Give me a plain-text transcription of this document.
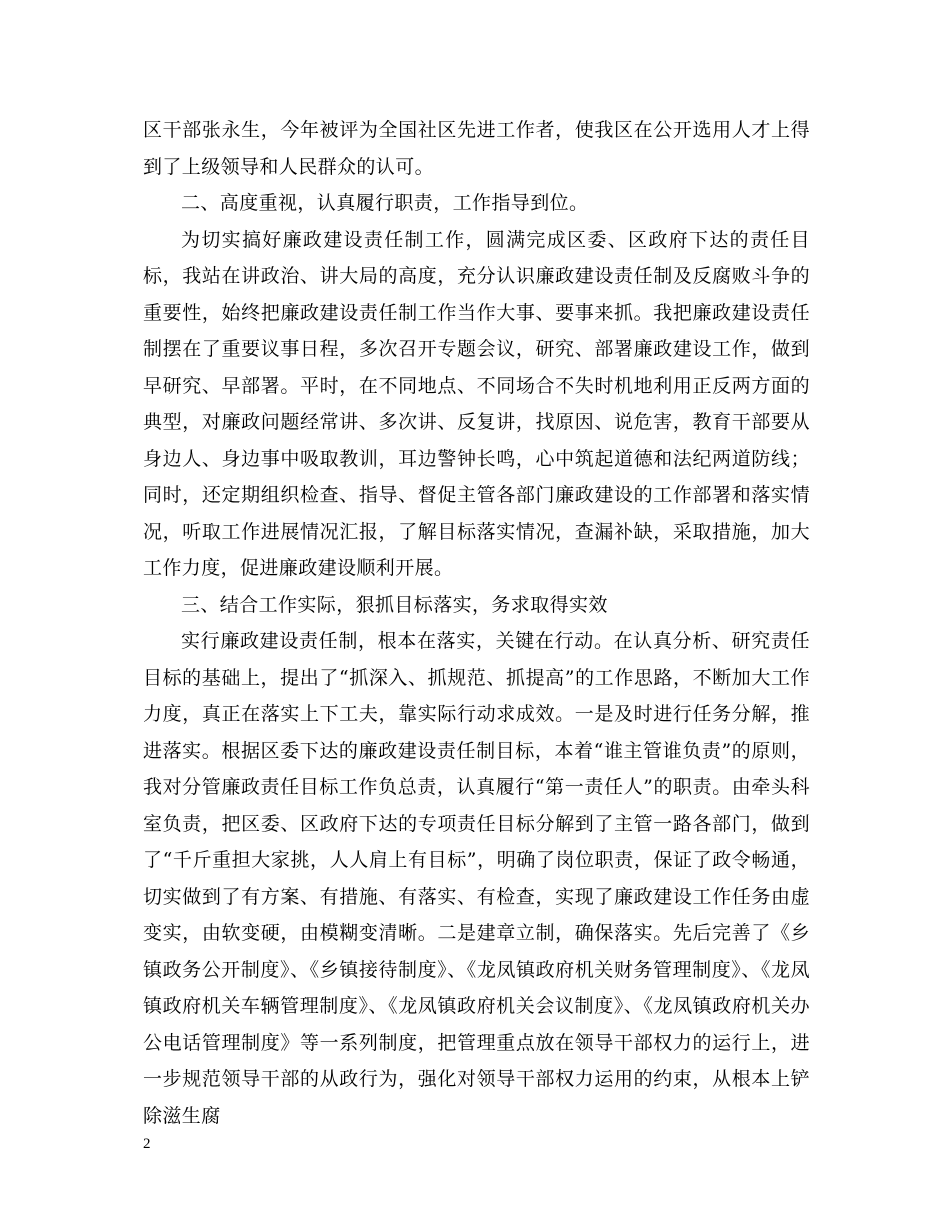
区干部张永生，今年被评为全国社区先进工作者，使我区在公开选用人才上得到了上级领导和人民群众的认可。

二、高度重视，认真履行职责，工作指导到位。

为切实搞好廉政建设责任制工作，圆满完成区委、区政府下达的责任目标，我站在讲政治、讲大局的高度，充分认识廉政建设责任制及反腐败斗争的重要性，始终把廉政建设责任制工作当作大事、要事来抓。我把廉政建设责任制摆在了重要议事日程，多次召开专题会议，研究、部署廉政建设工作，做到早研究、早部署。平时，在不同地点、不同场合不失时机地利用正反两方面的典型，对廉政问题经常讲、多次讲、反复讲，找原因、说危害，教育干部要从身边人、身边事中吸取教训，耳边警钟长鸣，心中筑起道德和法纪两道防线；同时，还定期组织检查、指导、督促主管各部门廉政建设的工作部署和落实情况，听取工作进展情况汇报，了解目标落实情况，查漏补缺，采取措施，加大工作力度，促进廉政建设顺利开展。

三、结合工作实际，狠抓目标落实，务求取得实效

实行廉政建设责任制，根本在落实，关键在行动。在认真分析、研究责任目标的基础上，提出了“抓深入、抓规范、抓提高”的工作思路，不断加大工作力度，真正在落实上下工夫，靠实际行动求成效。一是及时进行任务分解，推进落实。根据区委下达的廉政建设责任制目标，本着“谁主管谁负责”的原则，我对分管廉政责任目标工作负总责，认真履行“第一责任人”的职责。由牵头科室负责，把区委、区政府下达的专项责任目标分解到了主管一路各部门，做到了“千斤重担大家挑，人人肩上有目标”，明确了岗位职责，保证了政令畅通，切实做到了有方案、有措施、有落实、有检查，实现了廉政建设工作任务由虚变实，由软变硬，由模糊变清晰。二是建章立制，确保落实。先后完善了《乡镇政务公开制度》、《乡镇接待制度》、《龙凤镇政府机关财务管理制度》、《龙凤镇政府机关车辆管理制度》、《龙凤镇政府机关会议制度》、《龙凤镇政府机关办公电话管理制度》等一系列制度，把管理重点放在领导干部权力的运行上，进一步规范领导干部的从政行为，强化对领导干部权力运用的约束，从根本上铲除滋生腐

2
